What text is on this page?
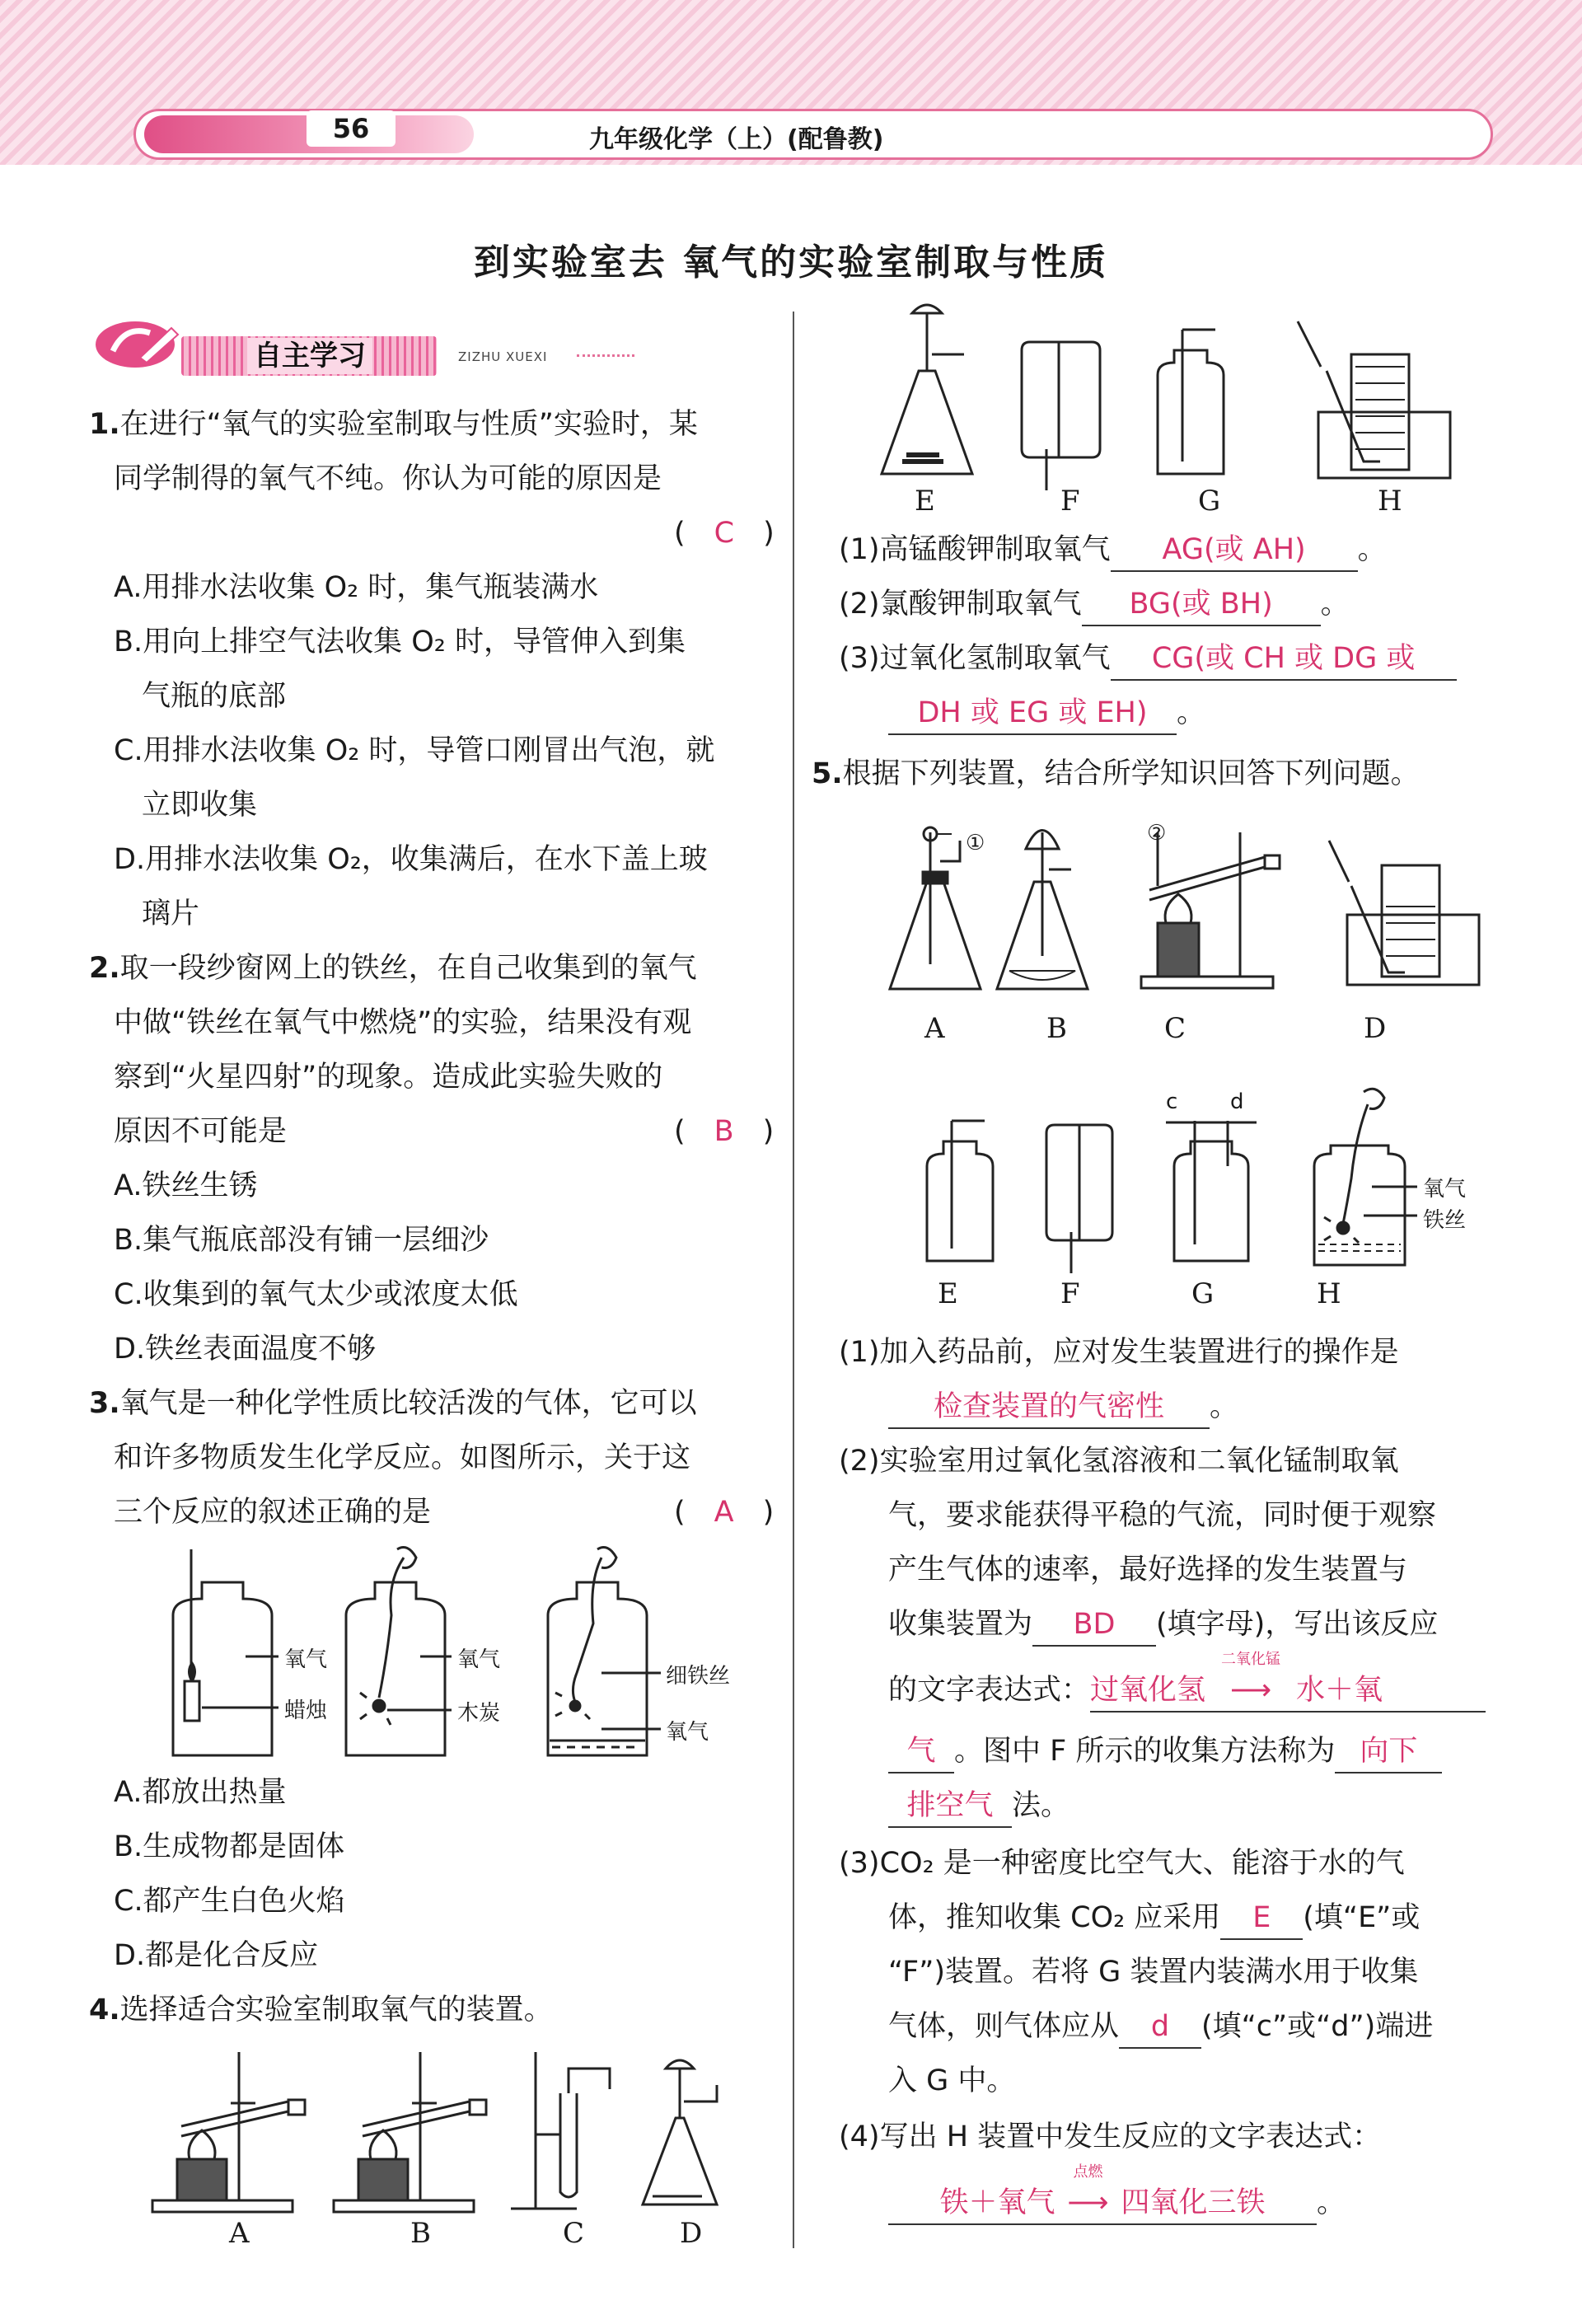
56	九年级化学（上）(配鲁教)
到实验室去 氧气的实验室制取与性质
自主学习	ZIZHU XUEXI
1.在进行“氧气的实验室制取与性质”实验时，某
同学制得的氧气不纯。你认为可能的原因是
(　C　)
A.用排水法收集 O₂ 时，集气瓶装满水
B.用向上排空气法收集 O₂ 时，导管伸入到集
气瓶的底部
C.用排水法收集 O₂ 时，导管口刚冒出气泡，就
立即收集
D.用排水法收集 O₂，收集满后，在水下盖上玻
璃片
2.取一段纱窗网上的铁丝，在自己收集到的氧气
中做“铁丝在氧气中燃烧”的实验，结果没有观
察到“火星四射”的现象。造成此实验失败的
原因不可能是	(　B　)
A.铁丝生锈
B.集气瓶底部没有铺一层细沙
C.收集到的氧气太少或浓度太低
D.铁丝表面温度不够
3.氧气是一种化学性质比较活泼的气体，它可以
和许多物质发生化学反应。如图所示，关于这
三个反应的叙述正确的是	(　A　)
氧气
蜡烛
氧气
木炭
细铁丝
氧气
A.都放出热量
B.生成物都是固体
C.都产生白色火焰
D.都是化合反应
4.选择适合实验室制取氧气的装置。
A	B	C	D
E	F	G	H
(1)高锰酸钾制取氧气 AG(或 AH) 。
(2)氯酸钾制取氧气 BG(或 BH) 。
(3)过氧化氢制取氧气 CG(或 CH 或 DG 或
DH 或 EG 或 EH) 。
5.根据下列装置，结合所学知识回答下列问题。
①	②
A	B	C	D
c d
氧气
铁丝
E	F	G	H
(1)加入药品前，应对发生装置进行的操作是
检查装置的气密性 。
(2)实验室用过氧化氢溶液和二氧化锰制取氧
气，要求能获得平稳的气流，同时便于观察
产生气体的速率，最好选择的发生装置与
收集装置为 BD (填字母)，写出该反应
的文字表达式：过氧化氢
二氧化锰
⟶ 水＋氧
气 。图中 F 所示的收集方法称为 向下
排空气 法。
(3)CO₂ 是一种密度比空气大、能溶于水的气
体，推知收集 CO₂ 应采用 E (填“E”或
“F”)装置。若将 G 装置内装满水用于收集
气体，则气体应从 d (填“c”或“d”)端进
入 G 中。
(4)写出 H 装置中发生反应的文字表达式：
铁＋氧气
点燃
⟶ 四氧化三铁 。
